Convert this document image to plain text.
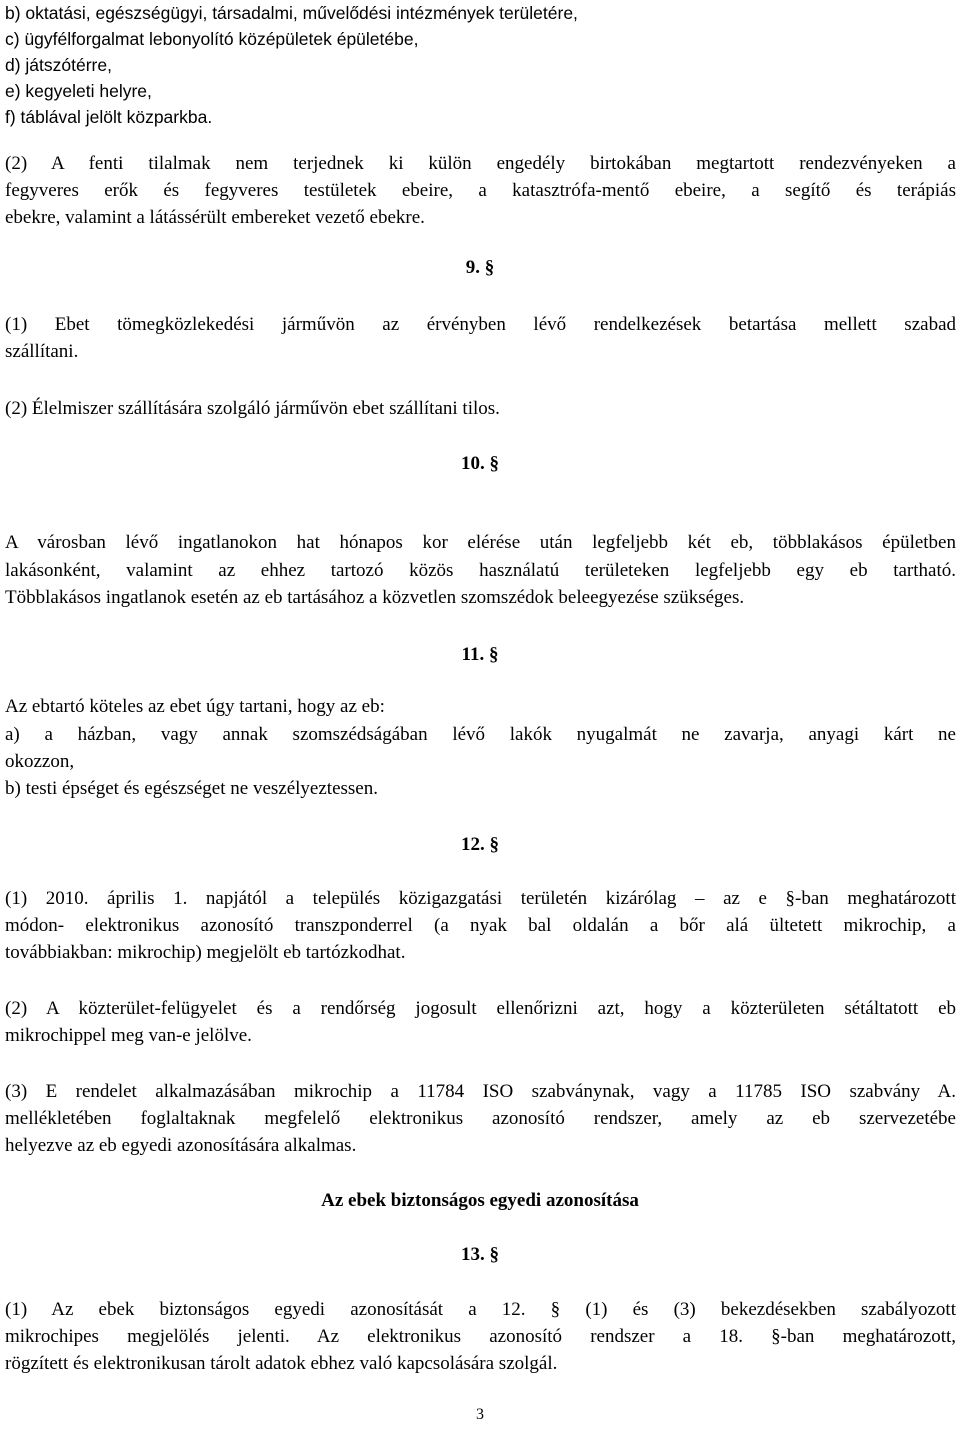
b) oktatási, egészségügyi, társadalmi, művelődési intézmények területére,
c) ügyfélforgalmat lebonyolító középületek épületébe,
d) játszótérre,
e) kegyeleti helyre,
f) táblával jelölt közparkba.
(2) A fenti tilalmak nem terjednek ki külön engedély birtokában megtartott rendezvényeken a
fegyveres erők és fegyveres testületek ebeire, a katasztrófa-mentő ebeire, a segítő és terápiás
ebekre, valamint a látássérült embereket vezető ebekre.
9. §
(1) Ebet tömegközlekedési járművön az érvényben lévő rendelkezések betartása mellett szabad
szállítani.
(2) Élelmiszer szállítására szolgáló járművön ebet szállítani tilos.
10. §
A városban lévő ingatlanokon hat hónapos kor elérése után legfeljebb két eb, többlakásos épületben
lakásonként, valamint az ehhez tartozó közös használatú területeken legfeljebb egy eb tartható.
Többlakásos ingatlanok esetén az eb tartásához a közvetlen szomszédok beleegyezése szükséges.
11. §
Az ebtartó köteles az ebet úgy tartani, hogy az eb:
a) a házban, vagy annak szomszédságában lévő lakók nyugalmát ne zavarja, anyagi kárt ne
okozzon,
b) testi épséget és egészséget ne veszélyeztessen.
12. §
(1) 2010. április 1. napjától a település közigazgatási területén kizárólag – az e §-ban meghatározott
módon- elektronikus azonosító transzponderrel (a nyak bal oldalán a bőr alá ültetett mikrochip, a
továbbiakban: mikrochip) megjelölt eb tartózkodhat.
(2) A közterület-felügyelet és a rendőrség jogosult ellenőrizni azt, hogy a közterületen sétáltatott eb
mikrochippel meg van-e jelölve.
(3) E rendelet alkalmazásában mikrochip a 11784 ISO szabványnak, vagy a 11785 ISO szabvány A.
mellékletében foglaltaknak megfelelő elektronikus azonosító rendszer, amely az eb szervezetébe
helyezve az eb egyedi azonosítására alkalmas.
Az ebek biztonságos egyedi azonosítása
13. §
(1) Az ebek biztonságos egyedi azonosítását a 12. § (1) és (3) bekezdésekben szabályozott
mikrochipes megjelölés jelenti. Az elektronikus azonosító rendszer a 18. §-ban meghatározott,
rögzített és elektronikusan tárolt adatok ebhez való kapcsolására szolgál.
3
